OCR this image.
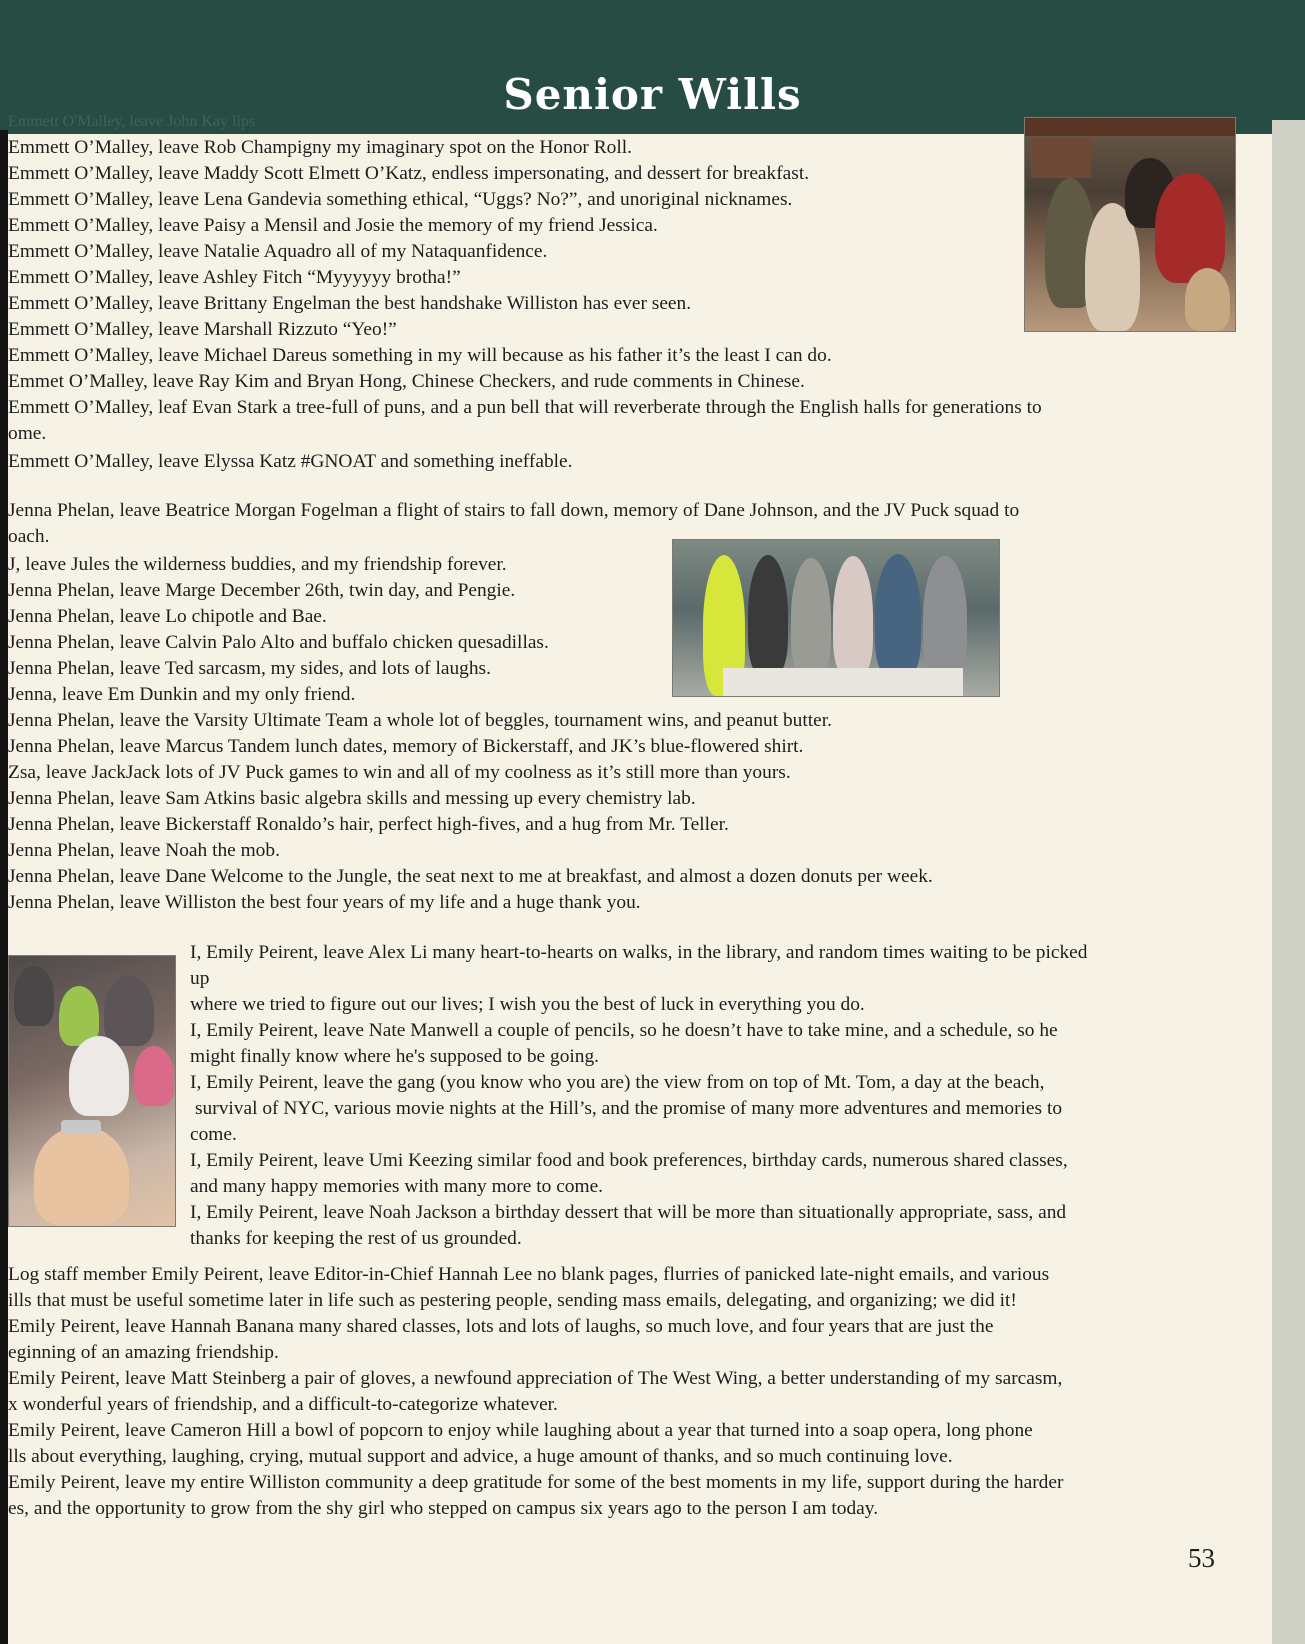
Senior Wills
Emmett O'Malley, leave John Kay lips
Emmett O’Malley, leave Rob Champigny my imaginary spot on the Honor Roll.
Emmett O’Malley, leave Maddy Scott Elmett O’Katz, endless impersonating, and dessert for breakfast.
Emmett O’Malley, leave Lena Gandevia something ethical, “Uggs? No?”, and unoriginal nicknames.
Emmett O’Malley, leave Paisy a Mensil and Josie the memory of my friend Jessica.
Emmett O’Malley, leave Natalie Aquadro all of my Nataquanfidence.
Emmett O’Malley, leave Ashley Fitch “Myyyyyy brotha!”
Emmett O’Malley, leave Brittany Engelman the best handshake Williston has ever seen.
Emmett O’Malley, leave Marshall Rizzuto “Yeo!”
Emmett O’Malley, leave Michael Dareus something in my will because as his father it’s the least I can do.
Emmet O’Malley, leave Ray Kim and Bryan Hong, Chinese Checkers, and rude comments in Chinese.
Emmett O’Malley, leaf Evan Stark a tree-full of puns, and a pun bell that will reverberate through the English halls for generations to
ome.
Emmett O’Malley, leave Elyssa Katz #GNOAT and something ineffable.
Jenna Phelan, leave Beatrice Morgan Fogelman a flight of stairs to fall down, memory of Dane Johnson, and the JV Puck squad to
oach.
J, leave Jules the wilderness buddies, and my friendship forever.
Jenna Phelan, leave Marge December 26th, twin day, and Pengie.
Jenna Phelan, leave Lo chipotle and Bae.
Jenna Phelan, leave Calvin Palo Alto and buffalo chicken quesadillas.
Jenna Phelan, leave Ted sarcasm, my sides, and lots of laughs.
Jenna, leave Em Dunkin and my only friend.
Jenna Phelan, leave the Varsity Ultimate Team a whole lot of beggles, tournament wins, and peanut butter.
Jenna Phelan, leave Marcus Tandem lunch dates, memory of Bickerstaff, and JK’s blue-flowered shirt.
Zsa, leave JackJack lots of JV Puck games to win and all of my coolness as it’s still more than yours.
Jenna Phelan, leave Sam Atkins basic algebra skills and messing up every chemistry lab.
Jenna Phelan, leave Bickerstaff Ronaldo’s hair, perfect high-fives, and a hug from Mr. Teller.
Jenna Phelan, leave Noah the mob.
Jenna Phelan, leave Dane Welcome to the Jungle, the seat next to me at breakfast, and almost a dozen donuts per week.
Jenna Phelan, leave Williston the best four years of my life and a huge thank you.
I, Emily Peirent, leave Alex Li many heart-to-hearts on walks, in the library, and random times waiting to be picked
up
where we tried to figure out our lives; I wish you the best of luck in everything you do.
I, Emily Peirent, leave Nate Manwell a couple of pencils, so he doesn’t have to take mine, and a schedule, so he
might finally know where he's supposed to be going.
I, Emily Peirent, leave the gang (you know who you are) the view from on top of Mt. Tom, a day at the beach,
survival of NYC, various movie nights at the Hill’s, and the promise of many more adventures and memories to
come.
I, Emily Peirent, leave Umi Keezing similar food and book preferences, birthday cards, numerous shared classes,
and many happy memories with many more to come.
I, Emily Peirent, leave Noah Jackson a birthday dessert that will be more than situationally appropriate, sass, and
thanks for keeping the rest of us grounded.
Log staff member Emily Peirent, leave Editor-in-Chief Hannah Lee no blank pages, flurries of panicked late-night emails, and various
ills that must be useful sometime later in life such as pestering people, sending mass emails, delegating, and organizing; we did it!
Emily Peirent, leave Hannah Banana many shared classes, lots and lots of laughs, so much love, and four years that are just the
eginning of an amazing friendship.
Emily Peirent, leave Matt Steinberg a pair of gloves, a newfound appreciation of The West Wing, a better understanding of my sarcasm,
x wonderful years of friendship, and a difficult-to-categorize whatever.
Emily Peirent, leave Cameron Hill a bowl of popcorn to enjoy while laughing about a year that turned into a soap opera, long phone
lls about everything, laughing, crying, mutual support and advice, a huge amount of thanks, and so much continuing love.
Emily Peirent, leave my entire Williston community a deep gratitude for some of the best moments in my life, support during the harder
es, and the opportunity to grow from the shy girl who stepped on campus six years ago to the person I am today.
53
